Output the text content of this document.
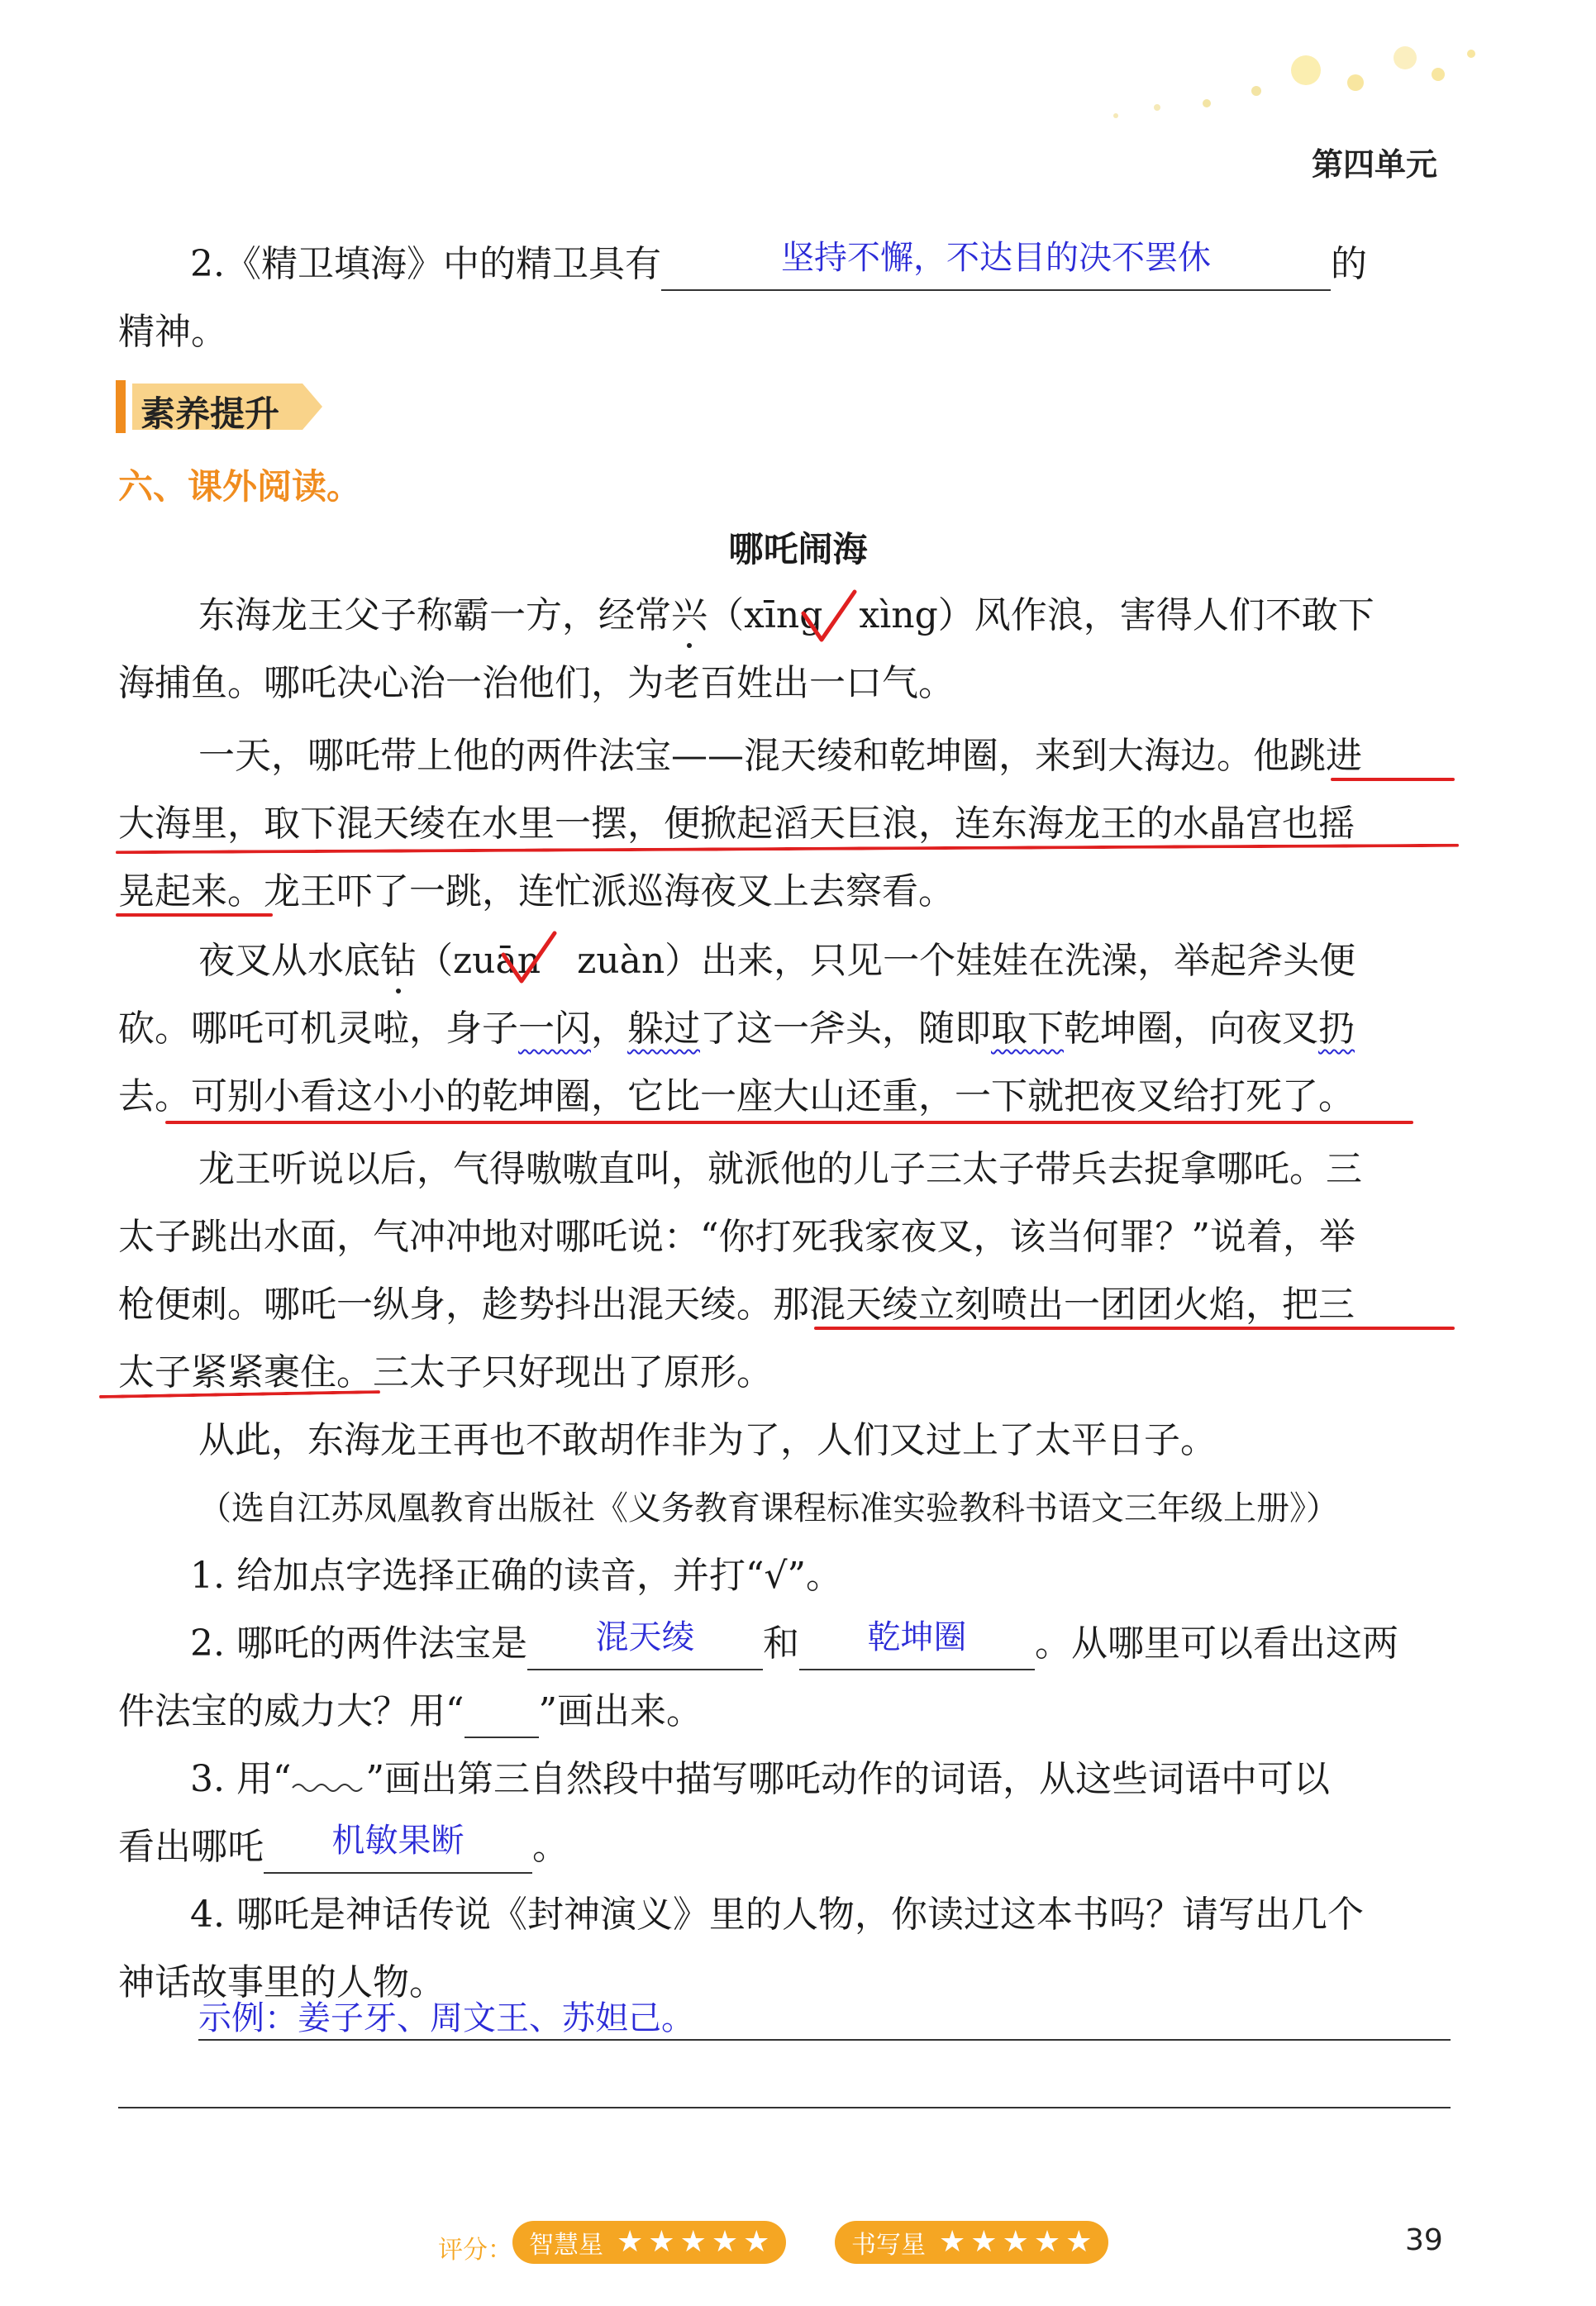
第四单元
2.《精卫填海》中的精卫具有	坚持不懈，不达目的决不罢休	的
精神。
素养提升
六、课外阅读。
哪吒闹海
东海龙王父子称霸一方，经常兴（xīng　xìng）风作浪，害得人们不敢下
海捕鱼。哪吒决心治一治他们，为老百姓出一口气。
一天，哪吒带上他的两件法宝——混天绫和乾坤圈，来到大海边。他跳进
大海里，取下混天绫在水里一摆，便掀起滔天巨浪，连东海龙王的水晶宫也摇
晃起来。龙王吓了一跳，连忙派巡海夜叉上去察看。
夜叉从水底钻（zuān　zuàn）出来，只见一个娃娃在洗澡，举起斧头便
砍。哪吒可机灵啦，身子一闪，躲过了这一斧头，随即取下乾坤圈，向夜叉扔
去。可别小看这小小的乾坤圈，它比一座大山还重，一下就把夜叉给打死了。
龙王听说以后，气得嗷嗷直叫，就派他的儿子三太子带兵去捉拿哪吒。三
太子跳出水面，气冲冲地对哪吒说：“你打死我家夜叉，该当何罪？”说着，举
枪便刺。哪吒一纵身，趁势抖出混天绫。那混天绫立刻喷出一团团火焰，把三
太子紧紧裹住。三太子只好现出了原形。
从此，东海龙王再也不敢胡作非为了，人们又过上了太平日子。
（选自江苏凤凰教育出版社《义务教育课程标准实验教科书语文三年级上册》）
1. 给加点字选择正确的读音，并打“√”。
2. 哪吒的两件法宝是	混天绫	和	乾坤圈	。从哪里可以看出这两
件法宝的威力大？用“ ”画出来。
3. 用“ ”画出第三自然段中描写哪吒动作的词语，从这些词语中可以
看出哪吒	机敏果断	。
4. 哪吒是神话传说《封神演义》里的人物，你读过这本书吗？请写出几个
神话故事里的人物。
示例：姜子牙、周文王、苏妲己。
评分： 智慧星 ★ ★ ★ ★ ★	书写星 ★ ★ ★ ★ ★	39
